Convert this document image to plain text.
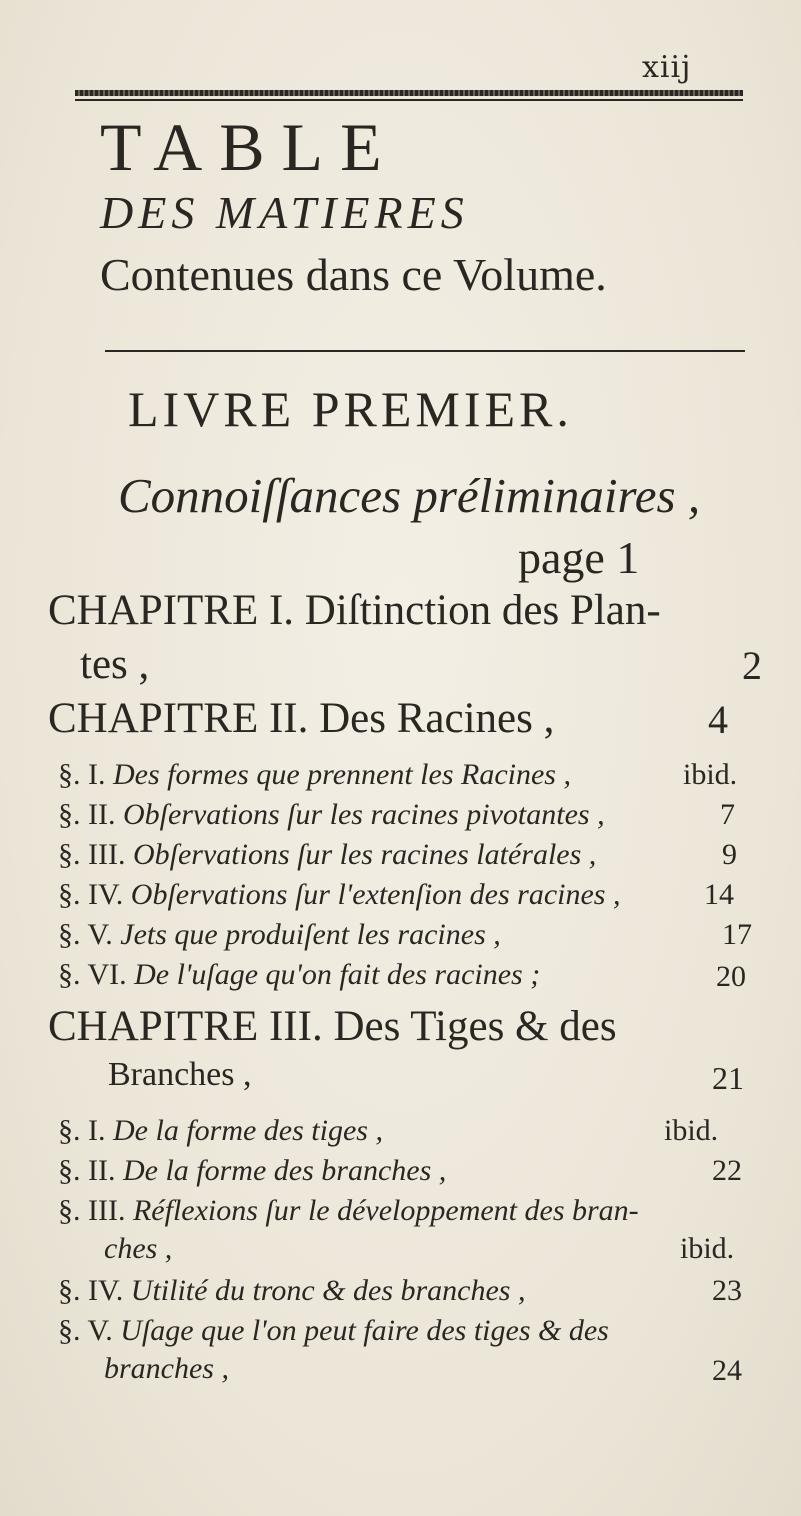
xiij
TABLE
DES MATIERES
Contenues dans ce Volume.
LIVRE PREMIER.
Connoiſſances préliminaires ,
page 1
CHAPITRE I. Diſtinction des Plan-
tes ,	2
CHAPITRE II. Des Racines ,	4
§. I. Des formes que prennent les Racines ,	ibid.
§. II. Obſervations ſur les racines pivotantes ,	7
§. III. Obſervations ſur les racines latérales ,	9
§. IV. Obſervations ſur l'extenſion des racines ,	14
§. V. Jets que produiſent les racines ,	17
§. VI. De l'uſage qu'on fait des racines ;	20
CHAPITRE III. Des Tiges & des
Branches ,	21
§. I. De la forme des tiges ,	ibid.
§. II. De la forme des branches ,	22
§. III. Réflexions ſur le développement des bran-
ches ,	ibid.
§. IV. Utilité du tronc & des branches ,	23
§. V. Uſage que l'on peut faire des tiges & des
branches ,	24
